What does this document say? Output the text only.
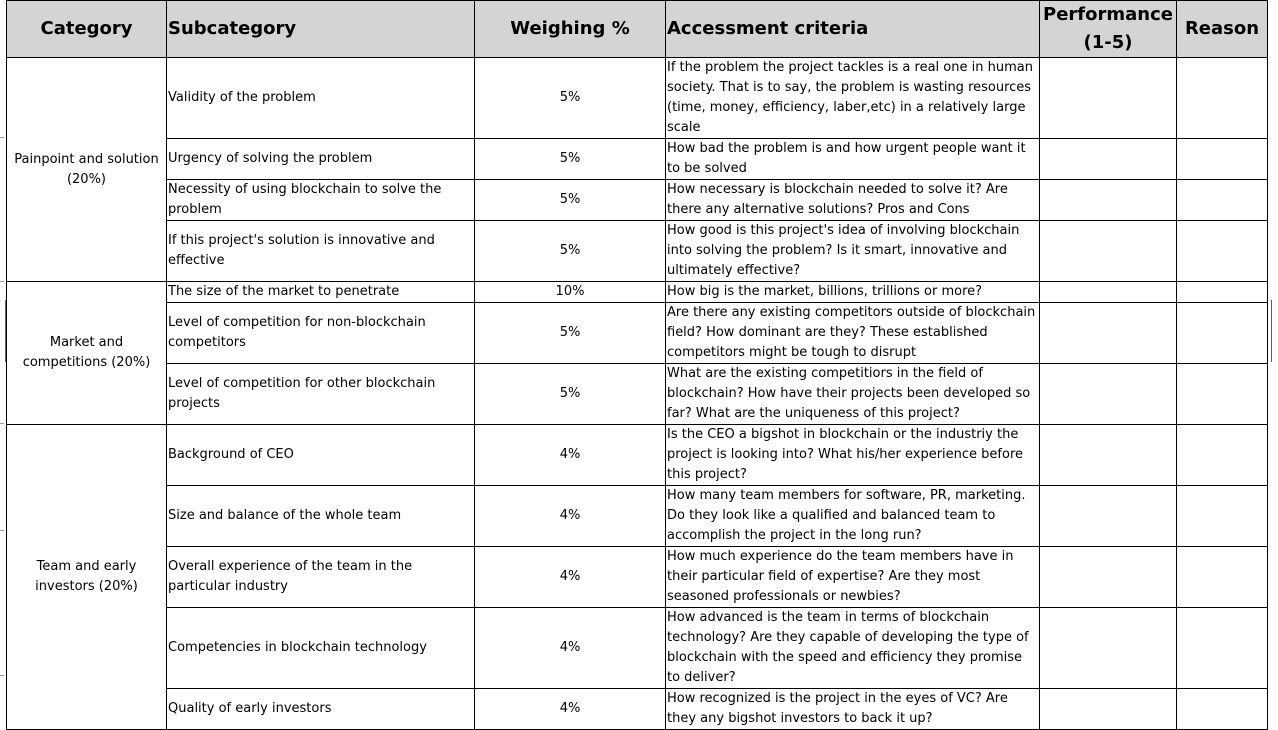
Category	Subcategory	Weighing %	Accessment criteria	Performance (1-5)	Reason
Painpoint and solution (20%)	Validity of the problem	5%	If the problem the project tackles is a real one in human society. That is to say, the problem is wasting resources (time, money, efficiency, laber,etc) in a relatively large scale		
	Urgency of solving the problem	5%	How bad the problem is and how urgent people want it to be solved		
	Necessity of using blockchain to solve the problem	5%	How necessary is blockchain needed to solve it? Are there any alternative solutions? Pros and Cons		
	If this project's solution is innovative and effective	5%	How good is this project's idea of involving blockchain into solving the problem? Is it smart, innovative and ultimately effective?		
Market and competitions (20%)	The size of the market to penetrate	10%	How big is the market, billions, trillions or more?		
	Level of competition for non-blockchain competitors	5%	Are there any existing competitors outside of blockchain field? How dominant are they? These established competitors might be tough to disrupt		
	Level of competition for other blockchain projects	5%	What are the existing competitiors in the field of blockchain? How have their projects been developed so far? What are the uniqueness of this project?		
Team and early investors (20%)	Background of CEO	4%	Is the CEO a bigshot in blockchain or the industriy the project is looking into? What his/her experience before this project?		
	Size and balance of the whole team	4%	How many team members for software, PR, marketing. Do they look like a qualified and balanced team to accomplish the project in the long run?		
	Overall experience of the team in the particular industry	4%	How much experience do the team members have in their particular field of expertise? Are they most seasoned professionals or newbies?		
	Competencies in blockchain technology	4%	How advanced is the team in terms of blockchain technology? Are they capable of developing the type of blockchain with the speed and efficiency they promise to deliver?		
	Quality of early investors	4%	How recognized is the project in the eyes of VC? Are they any bigshot investors to back it up?		
